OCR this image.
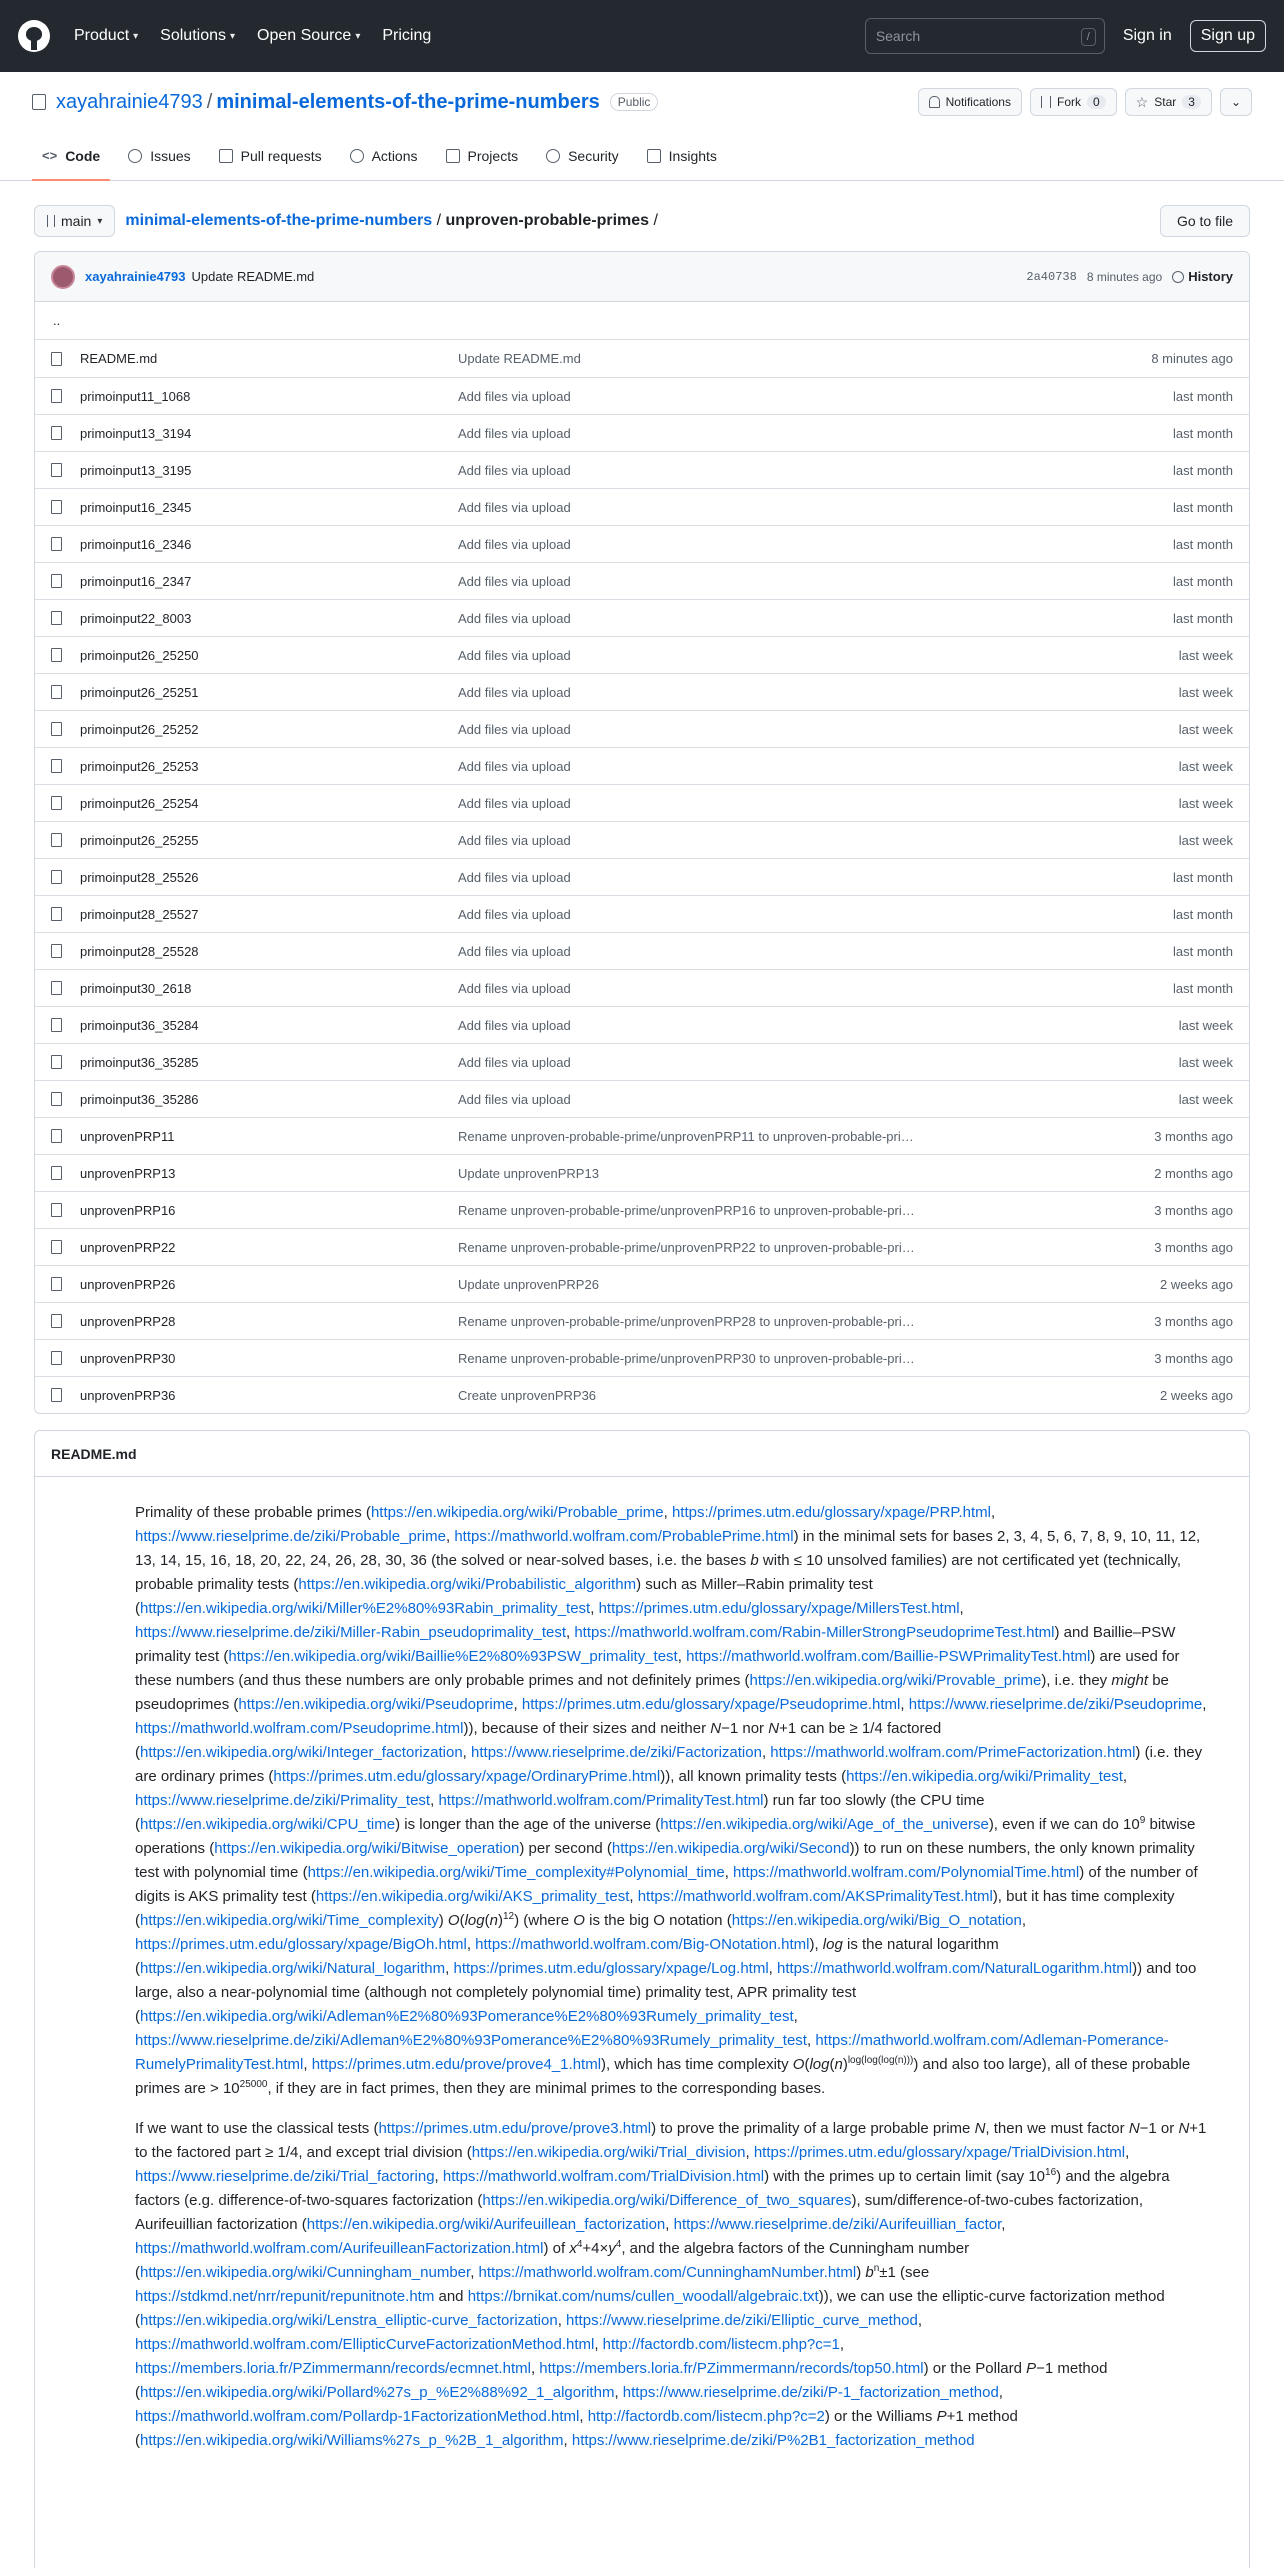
Product ▾ Solutions ▾ Open Source ▾ Pricing	Search	/	Sign in	Sign up
xayahrainie4793 / minimal-elements-of-the-prime-numbers	Public	Notifications	Fork	0	☆ Star	3	⌄
<> Code	Issues	Pull requests	Actions	Projects	Security	Insights
main ▾ minimal-elements-of-the-prime-numbers / unproven-probable-primes /	Go to file
xayahrainie4793 Update README.md	2a40738 8 minutes ago History
..
README.md	Update README.md	8 minutes ago
primoinput11_1068	Add files via upload	last month
primoinput13_3194	Add files via upload	last month
primoinput13_3195	Add files via upload	last month
primoinput16_2345	Add files via upload	last month
primoinput16_2346	Add files via upload	last month
primoinput16_2347	Add files via upload	last month
primoinput22_8003	Add files via upload	last month
primoinput26_25250	Add files via upload	last week
primoinput26_25251	Add files via upload	last week
primoinput26_25252	Add files via upload	last week
primoinput26_25253	Add files via upload	last week
primoinput26_25254	Add files via upload	last week
primoinput26_25255	Add files via upload	last week
primoinput28_25526	Add files via upload	last month
primoinput28_25527	Add files via upload	last month
primoinput28_25528	Add files via upload	last month
primoinput30_2618	Add files via upload	last month
primoinput36_35284	Add files via upload	last week
primoinput36_35285	Add files via upload	last week
primoinput36_35286	Add files via upload	last week
unprovenPRP11	Rename unproven-probable-prime/unprovenPRP11 to unproven-probable-pri…	3 months ago
unprovenPRP13	Update unprovenPRP13	2 months ago
unprovenPRP16	Rename unproven-probable-prime/unprovenPRP16 to unproven-probable-pri…	3 months ago
unprovenPRP22	Rename unproven-probable-prime/unprovenPRP22 to unproven-probable-pri…	3 months ago
unprovenPRP26	Update unprovenPRP26	2 weeks ago
unprovenPRP28	Rename unproven-probable-prime/unprovenPRP28 to unproven-probable-pri…	3 months ago
unprovenPRP30	Rename unproven-probable-prime/unprovenPRP30 to unproven-probable-pri…	3 months ago
unprovenPRP36	Create unprovenPRP36	2 weeks ago
README.md

Primality of these probable primes (https://en.wikipedia.org/wiki/Probable_prime, https://primes.utm.edu/glossary/xpage/PRP.html, https://www.rieselprime.de/ziki/Probable_prime, https://mathworld.wolfram.com/ProbablePrime.html) in the minimal sets for bases 2, 3, 4, 5, 6, 7, 8, 9, 10, 11, 12, 13, 14, 15, 16, 18, 20, 22, 24, 26, 28, 30, 36 (the solved or near-solved bases, i.e. the bases b with ≤ 10 unsolved families) are not certificated yet (technically, probable primality tests (https://en.wikipedia.org/wiki/Probabilistic_algorithm) such as Miller–Rabin primality test (https://en.wikipedia.org/wiki/Miller%E2%80%93Rabin_primality_test, https://primes.utm.edu/glossary/xpage/MillersTest.html, https://www.rieselprime.de/ziki/Miller-Rabin_pseudoprimality_test, https://mathworld.wolfram.com/Rabin-MillerStrongPseudoprimeTest.html) and Baillie–PSW primality test (https://en.wikipedia.org/wiki/Baillie%E2%80%93PSW_primality_test, https://mathworld.wolfram.com/Baillie-PSWPrimalityTest.html) are used for these numbers (and thus these numbers are only probable primes and not definitely primes (https://en.wikipedia.org/wiki/Provable_prime), i.e. they might be pseudoprimes (https://en.wikipedia.org/wiki/Pseudoprime, https://primes.utm.edu/glossary/xpage/Pseudoprime.html, https://www.rieselprime.de/ziki/Pseudoprime, https://mathworld.wolfram.com/Pseudoprime.html)), because of their sizes and neither N−1 nor N+1 can be ≥ 1/4 factored (https://en.wikipedia.org/wiki/Integer_factorization, https://www.rieselprime.de/ziki/Factorization, https://mathworld.wolfram.com/PrimeFactorization.html) (i.e. they are ordinary primes (https://primes.utm.edu/glossary/xpage/OrdinaryPrime.html)), all known primality tests (https://en.wikipedia.org/wiki/Primality_test, https://www.rieselprime.de/ziki/Primality_test, https://mathworld.wolfram.com/PrimalityTest.html) run far too slowly (the CPU time (https://en.wikipedia.org/wiki/CPU_time) is longer than the age of the universe (https://en.wikipedia.org/wiki/Age_of_the_universe), even if we can do $10^9$ bitwise operations (https://en.wikipedia.org/wiki/Bitwise_operation) per second (https://en.wikipedia.org/wiki/Second)) to run on these numbers, the only known primality test with polynomial time (https://en.wikipedia.org/wiki/Time_complexity#Polynomial_time, https://mathworld.wolfram.com/PolynomialTime.html) of the number of digits is AKS primality test (https://en.wikipedia.org/wiki/AKS_primality_test, https://mathworld.wolfram.com/AKSPrimalityTest.html), but it has time complexity (https://en.wikipedia.org/wiki/Time_complexity) $O(\log(n)^{12})$ (where O is the big O notation (https://en.wikipedia.org/wiki/Big_O_notation, https://primes.utm.edu/glossary/xpage/BigOh.html, https://mathworld.wolfram.com/Big-ONotation.html), log is the natural logarithm (https://en.wikipedia.org/wiki/Natural_logarithm, https://primes.utm.edu/glossary/xpage/Log.html, https://mathworld.wolfram.com/NaturalLogarithm.html)) and too large, also a near-polynomial time (although not completely polynomial time) primality test, APR primality test (https://en.wikipedia.org/wiki/Adleman%E2%80%93Pomerance%E2%80%93Rumely_primality_test, https://www.rieselprime.de/ziki/Adleman%E2%80%93Pomerance%E2%80%93Rumely_primality_test, https://mathworld.wolfram.com/Adleman-Pomerance-RumelyPrimalityTest.html, https://primes.utm.edu/prove/prove4_1.html), which has time complexity $O(\log(n)^{log(log(log(n)))})$ and also too large), all of these probable primes are > $10^{25000}$, if they are in fact primes, then they are minimal primes to the corresponding bases.

If we want to use the classical tests (https://primes.utm.edu/prove/prove3.html) to prove the primality of a large probable prime N, then we must factor N−1 or N+1 to the factored part ≥ 1/4, and except trial division (https://en.wikipedia.org/wiki/Trial_division, https://primes.utm.edu/glossary/xpage/TrialDivision.html, https://www.rieselprime.de/ziki/Trial_factoring, https://mathworld.wolfram.com/TrialDivision.html) with the primes up to certain limit (say $10^{16}$) and the algebra factors (e.g. difference-of-two-squares factorization (https://en.wikipedia.org/wiki/Difference_of_two_squares), sum/difference-of-two-cubes factorization, Aurifeuillian factorization (https://en.wikipedia.org/wiki/Aurifeuillean_factorization, https://www.rieselprime.de/ziki/Aurifeuillian_factor, https://mathworld.wolfram.com/AurifeuilleanFactorization.html) of $x^4+4\times y^4$, and the algebra factors of the Cunningham number (https://en.wikipedia.org/wiki/Cunningham_number, https://mathworld.wolfram.com/CunninghamNumber.html) $b^n\pm 1$ (see https://stdkmd.net/nrr/repunit/repunitnote.htm and https://brnikat.com/nums/cullen_woodall/algebraic.txt)), we can use the elliptic-curve factorization method (https://en.wikipedia.org/wiki/Lenstra_elliptic-curve_factorization, https://www.rieselprime.de/ziki/Elliptic_curve_method, https://mathworld.wolfram.com/EllipticCurveFactorizationMethod.html, http://factordb.com/listecm.php?c=1, https://members.loria.fr/PZimmermann/records/ecmnet.html, https://members.loria.fr/PZimmermann/records/top50.html) or the Pollard P−1 method (https://en.wikipedia.org/wiki/Pollard%27s_p_%E2%88%92_1_algorithm, https://www.rieselprime.de/ziki/P-1_factorization_method, https://mathworld.wolfram.com/Pollardp-1FactorizationMethod.html, http://factordb.com/listecm.php?c=2) or the Williams P+1 method (https://en.wikipedia.org/wiki/Williams%27s_p_%2B_1_algorithm, https://www.rieselprime.de/ziki/P%2B1_factorization_method
